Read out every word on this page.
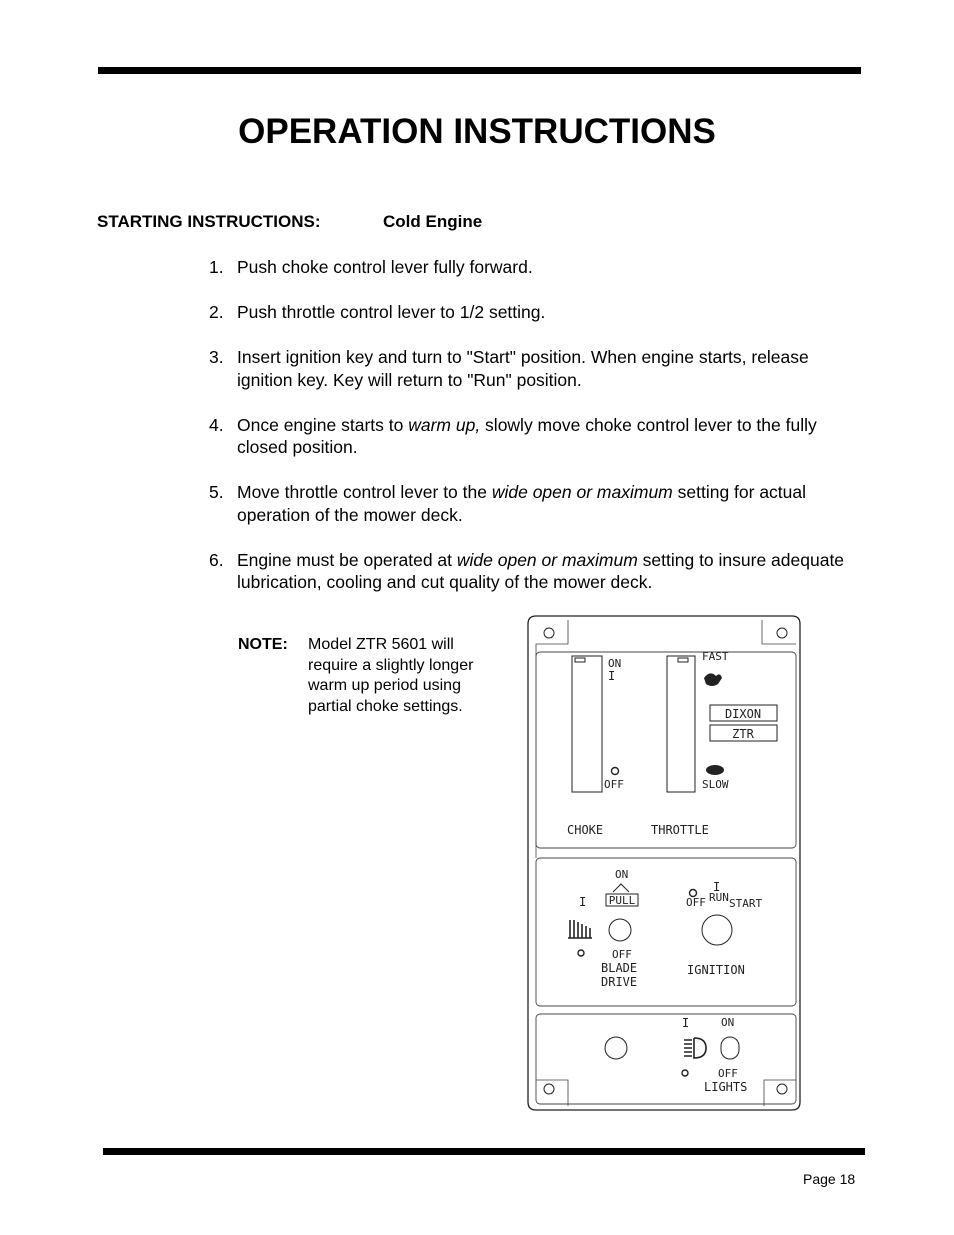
OPERATION INSTRUCTIONS
STARTING INSTRUCTIONS:	Cold Engine
1. Push choke control lever fully forward.
2. Push throttle control lever to 1/2 setting.
3. Insert ignition key and turn to "Start" position. When engine starts, release ignition key. Key will return to "Run" position.
4. Once engine starts to warm up, slowly move choke control lever to the fully closed position.
5. Move throttle control lever to the wide open or maximum setting for actual operation of the mower deck.
6. Engine must be operated at wide open or maximum setting to insure adequate lubrication, cooling and cut quality of the mower deck.
NOTE: Model ZTR 5601 will require a slightly longer warm up period using partial choke settings.
ON
I
OFF
FAST
DIXON
ZTR
SLOW
CHOKE	THROTTLE
I
ON
PULL
OFF
BLADE
DRIVE
OFF
I
RUN START
IGNITION
I	ON
OFF
LIGHTS
Page 18
